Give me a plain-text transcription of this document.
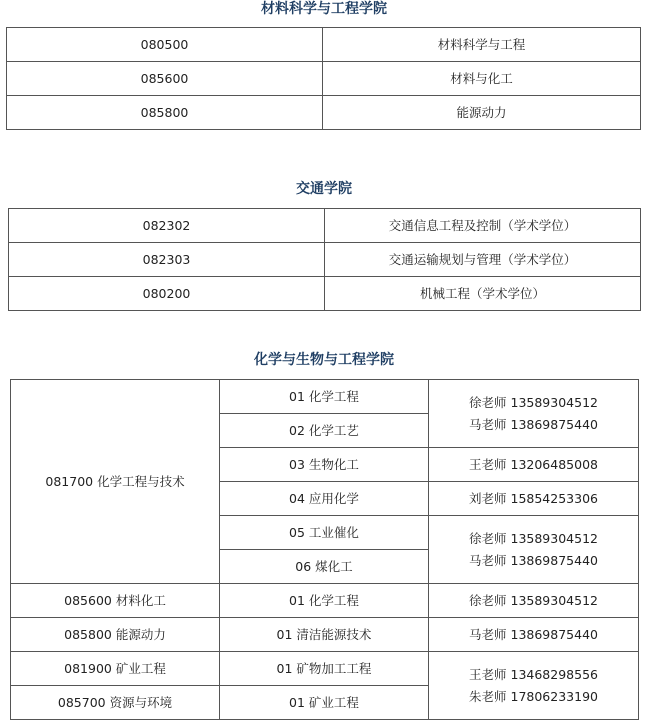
材料科学与工程学院
080500	材料科学与工程
085600	材料与化工
085800	能源动力
交通学院
082302	交通信息工程及控制（学术学位）
082303	交通运输规划与管理（学术学位）
080200	机械工程（学术学位）
化学与生物与工程学院
081700 化学工程与技术	01 化学工程	徐老师 13589304512
马老师 13869875440

	02 化学工艺	
	03 生物化工	王老师 13206485008

	04 应用化学	刘老师 15854253306

	05 工业催化	徐老师 13589304512
马老师 13869875440

	06 煤化工	
085600 材料化工	01 化学工程	徐老师 13589304512

085800 能源动力	01 清洁能源技术	马老师 13869875440

081900 矿业工程	01 矿物加工工程	王老师 13468298556
朱老师 17806233190

085700 资源与环境	01 矿业工程	
